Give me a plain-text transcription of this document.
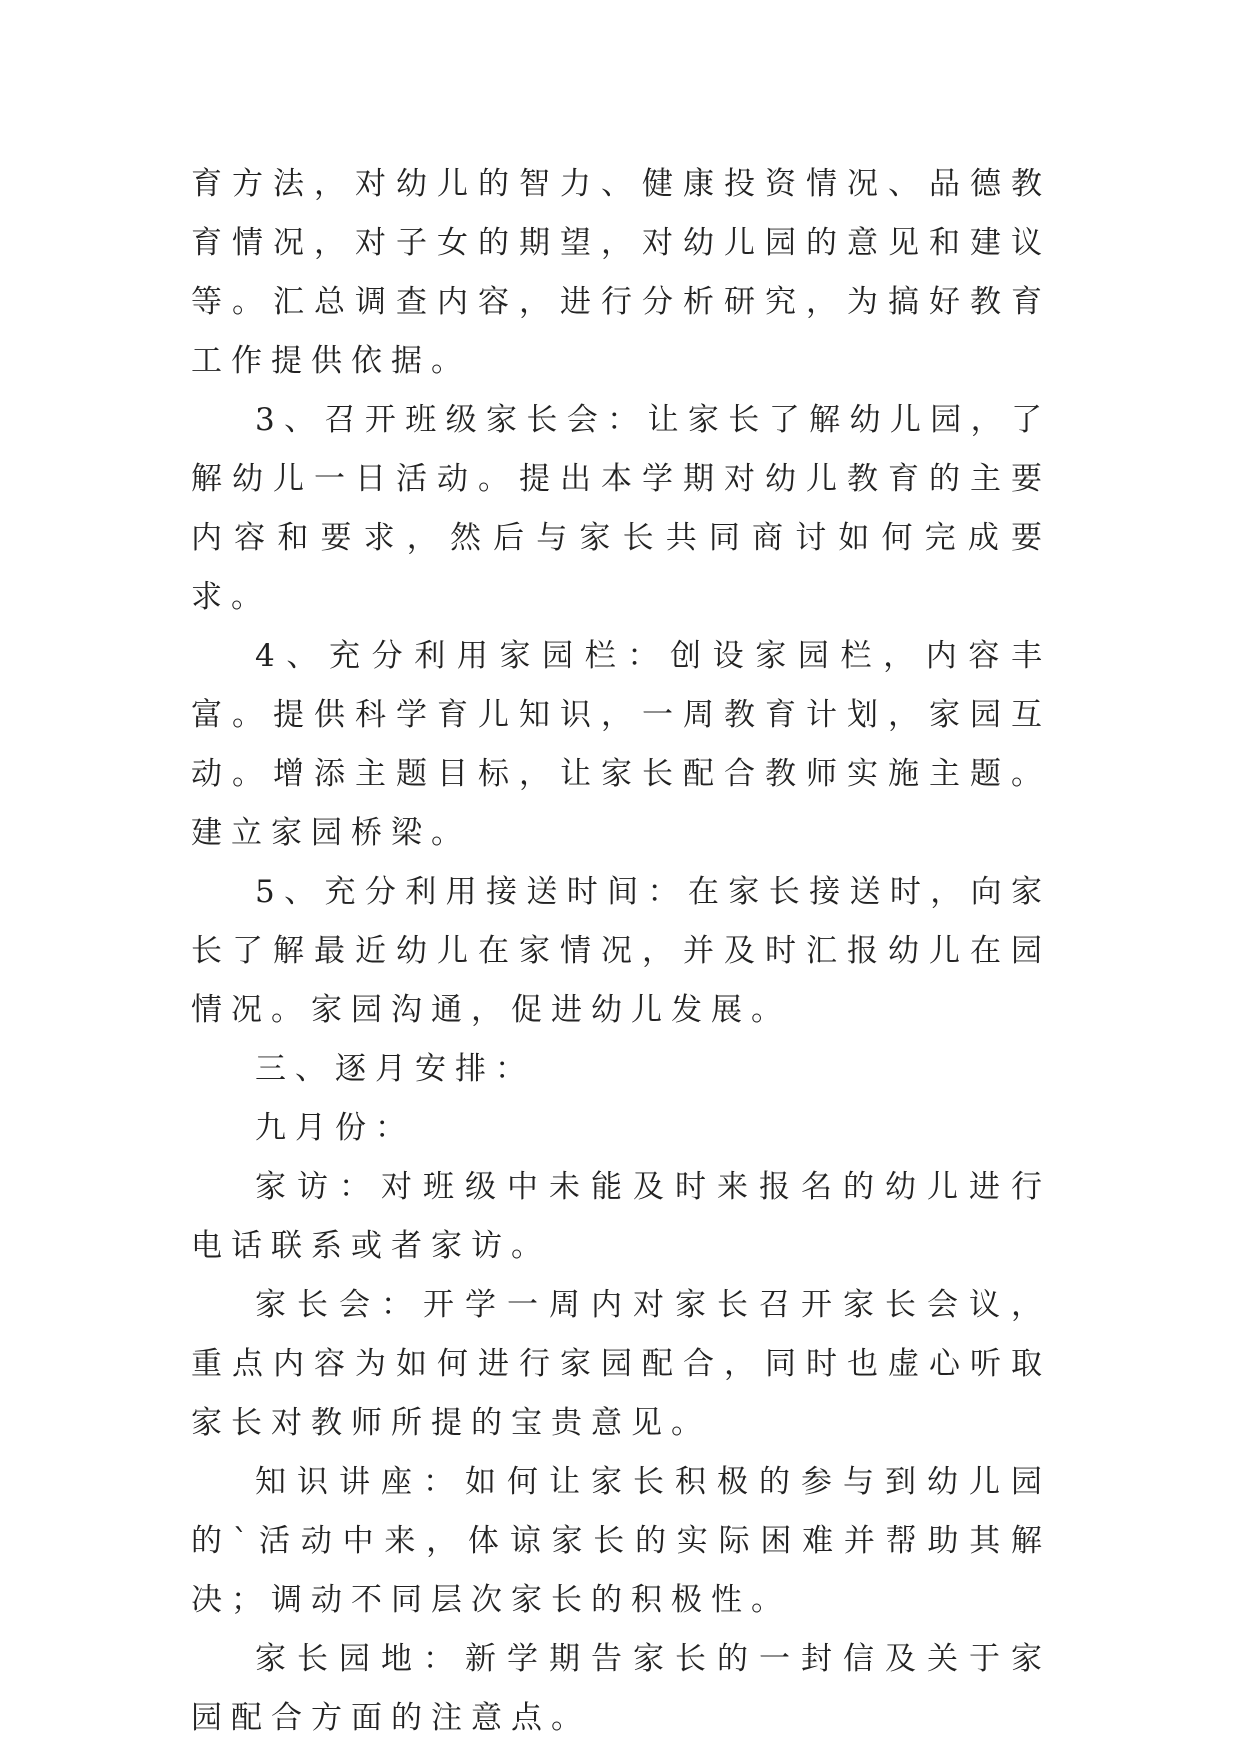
育方法，对幼儿的智力、健康投资情况、品德教育情况，对子女的期望，对幼儿园的意见和建议等。汇总调查内容，进行分析研究，为搞好教育工作提供依据。

3、召开班级家长会：让家长了解幼儿园，了解幼儿一日活动。提出本学期对幼儿教育的主要内容和要求，然后与家长共同商讨如何完成要求。

4、充分利用家园栏：创设家园栏，内容丰富。提供科学育儿知识，一周教育计划，家园互动。增添主题目标，让家长配合教师实施主题。建立家园桥梁。

5、充分利用接送时间：在家长接送时，向家长了解最近幼儿在家情况，并及时汇报幼儿在园情况。家园沟通，促进幼儿发展。

三、逐月安排：

九月份：

家访：对班级中未能及时来报名的幼儿进行电话联系或者家访。

家长会：开学一周内对家长召开家长会议，重点内容为如何进行家园配合，同时也虚心听取家长对教师所提的宝贵意见。

知识讲座：如何让家长积极的参与到幼儿园的`活动中来，体谅家长的实际困难并帮助其解决；调动不同层次家长的积极性。

家长园地：新学期告家长的一封信及关于家园配合方面的注意点。
